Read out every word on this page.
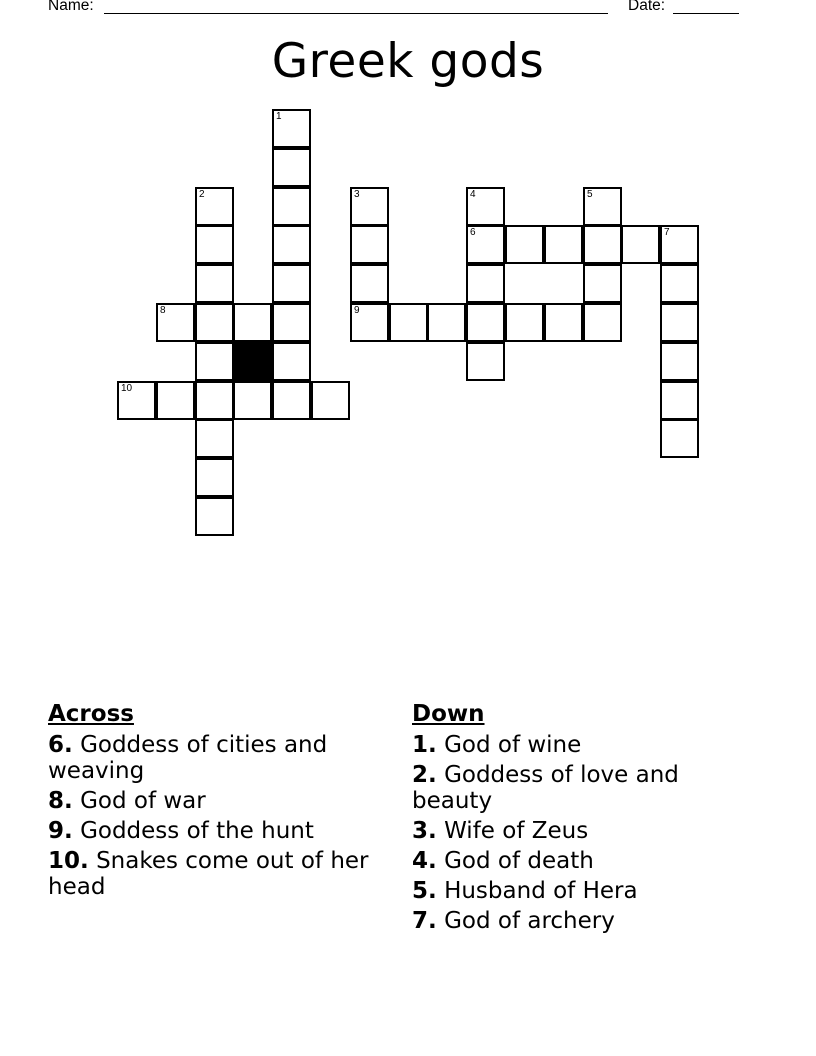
Name:	Date:
Greek gods
1
2	3	4	5
6	7
8	9
10
Across
6. Goddess of cities and weaving
8. God of war
9. Goddess of the hunt
10. Snakes come out of her head
Down
1. God of wine
2. Goddess of love and beauty
3. Wife of Zeus
4. God of death
5. Husband of Hera
7. God of archery
